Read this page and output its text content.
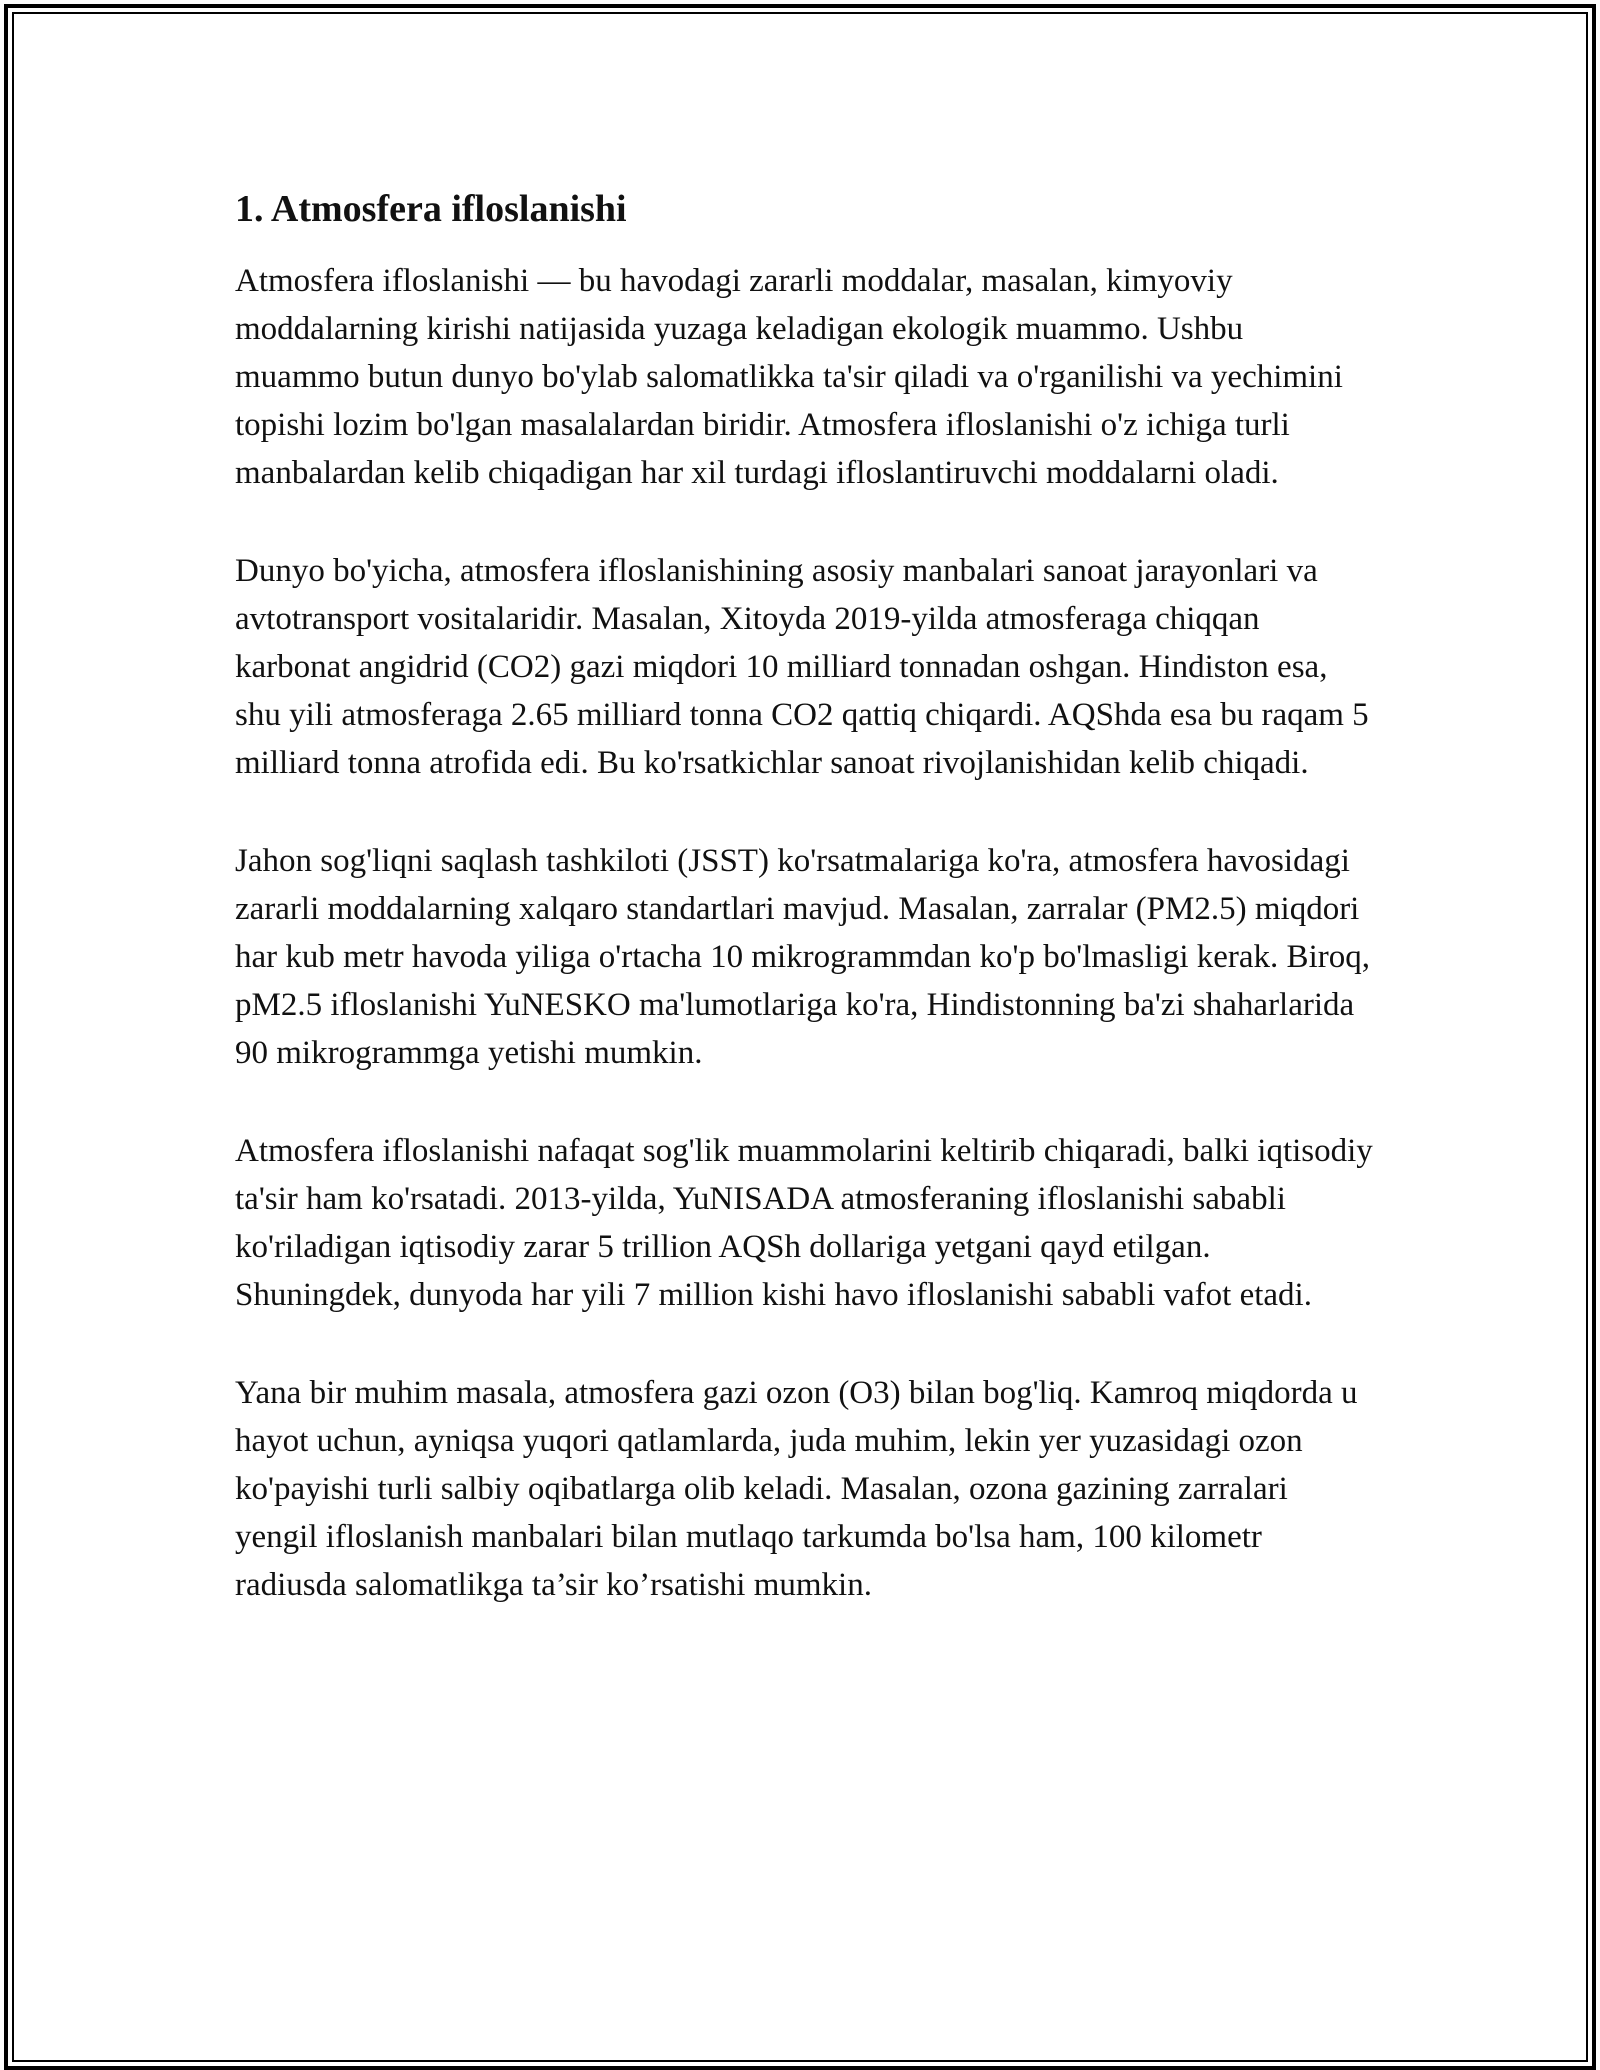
1. Atmosfera ifloslanishi

Atmosfera ifloslanishi — bu havodagi zararli moddalar, masalan, kimyoviy moddalarning kirishi natijasida yuzaga keladigan ekologik muammo. Ushbu muammo butun dunyo bo'ylab salomatlikka ta'sir qiladi va o'rganilishi va yechimini topishi lozim bo'lgan masalalardan biridir. Atmosfera ifloslanishi o'z ichiga turli manbalardan kelib chiqadigan har xil turdagi ifloslantiruvchi moddalarni oladi.

Dunyo bo'yicha, atmosfera ifloslanishining asosiy manbalari sanoat jarayonlari va avtotransport vositalaridir. Masalan, Xitoyda 2019-yilda atmosferaga chiqqan karbonat angidrid (CO2) gazi miqdori 10 milliard tonnadan oshgan. Hindiston esa, shu yili atmosferaga 2.65 milliard tonna CO2 qattiq chiqardi. AQShda esa bu raqam 5 milliard tonna atrofida edi. Bu ko'rsatkichlar sanoat rivojlanishidan kelib chiqadi.

Jahon sog'liqni saqlash tashkiloti (JSST) ko'rsatmalariga ko'ra, atmosfera havosidagi zararli moddalarning xalqaro standartlari mavjud. Masalan, zarralar (PM2.5) miqdori har kub metr havoda yiliga o'rtacha 10 mikrogrammdan ko'p bo'lmasligi kerak. Biroq, pM2.5 ifloslanishi YuNESKO ma'lumotlariga ko'ra, Hindistonning ba'zi shaharlarida 90 mikrogrammga yetishi mumkin.

Atmosfera ifloslanishi nafaqat sog'lik muammolarini keltirib chiqaradi, balki iqtisodiy ta'sir ham ko'rsatadi. 2013-yilda, YuNISADA atmosferaning ifloslanishi sababli ko'riladigan iqtisodiy zarar 5 trillion AQSh dollariga yetgani qayd etilgan. Shuningdek, dunyoda har yili 7 million kishi havo ifloslanishi sababli vafot etadi.

Yana bir muhim masala, atmosfera gazi ozon (O3) bilan bog'liq. Kamroq miqdorda u hayot uchun, ayniqsa yuqori qatlamlarda, juda muhim, lekin yer yuzasidagi ozon ko'payishi turli salbiy oqibatlarga olib keladi. Masalan, ozona gazining zarralari yengil ifloslanish manbalari bilan mutlaqo tarkumda bo'lsa ham, 100 kilometr radiusda salomatlikga ta’sir ko’rsatishi mumkin.
